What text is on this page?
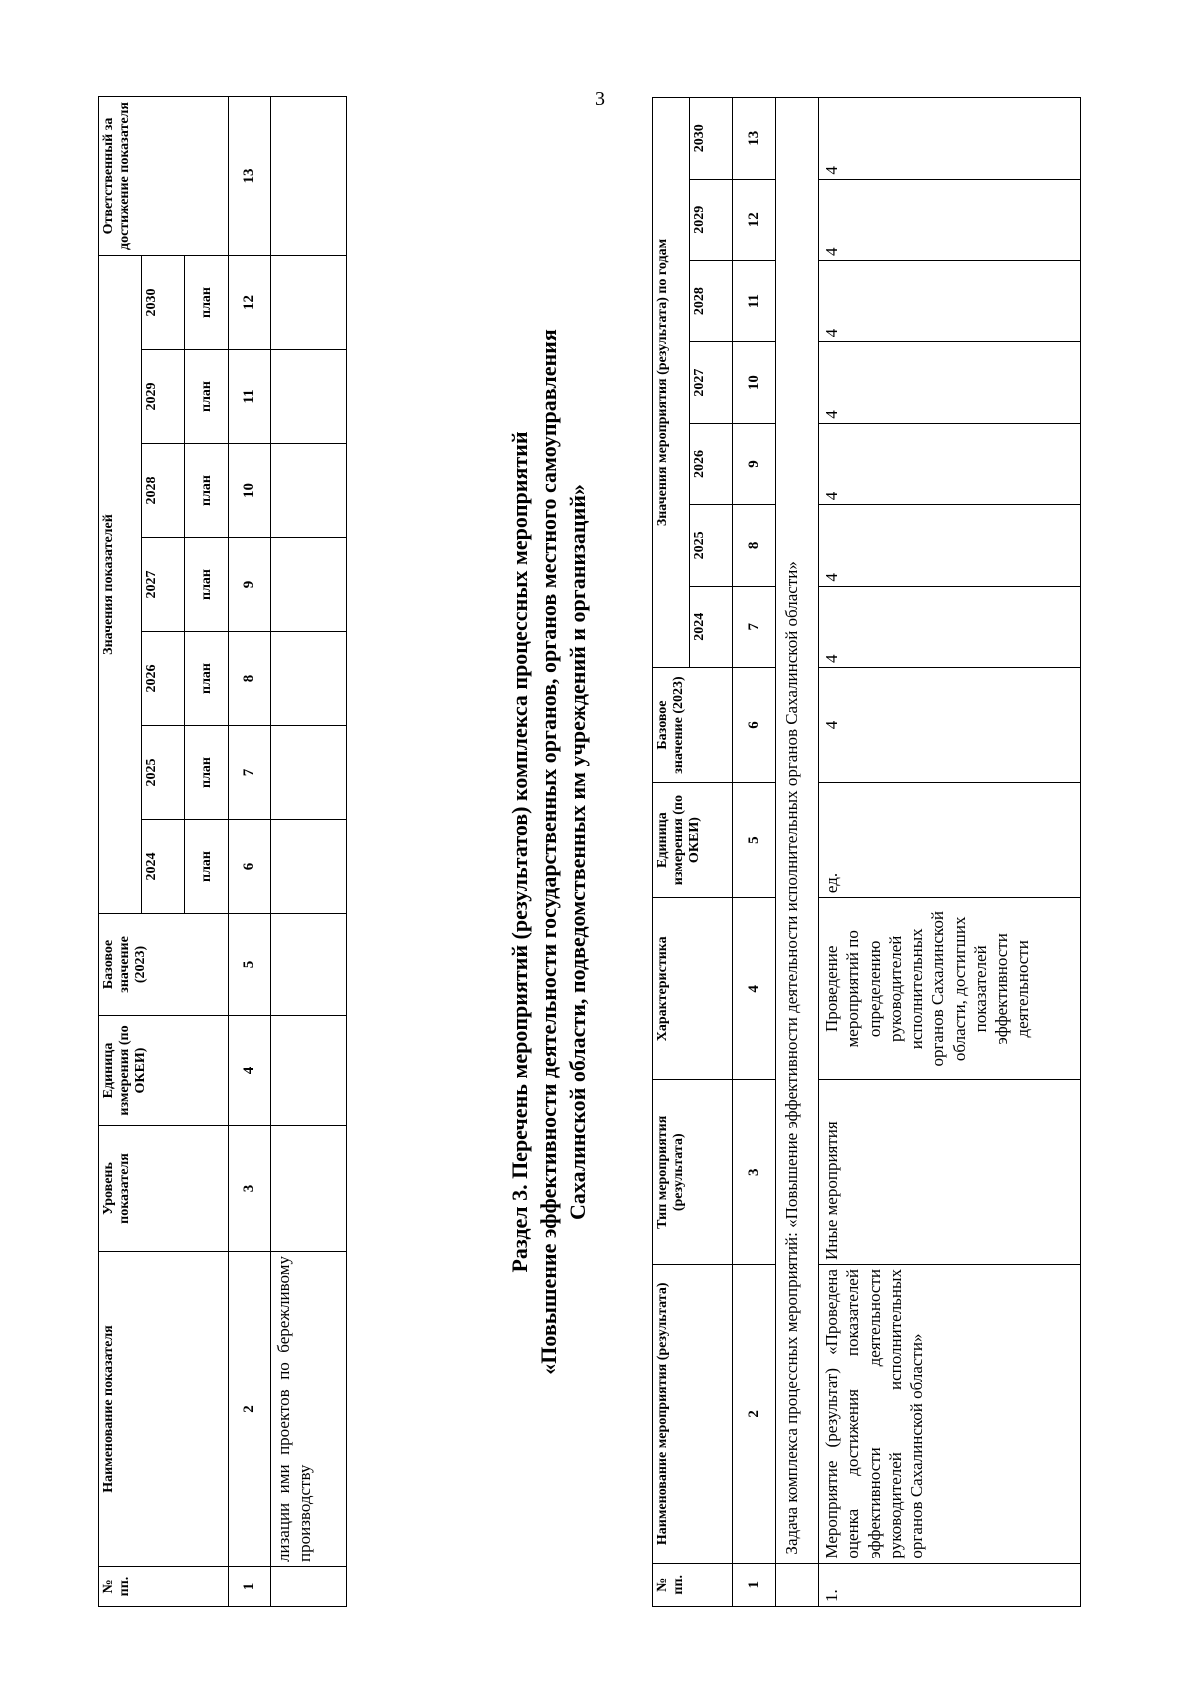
3
№ пп.	Наименование показателя	Уровень показателя	Единица измерения (по ОКЕИ)	Базовое значение (2023)	Значения показателей							Ответственный за достижение показателя
					2024	2025	2026	2027	2028	2029	2030	
					план	план	план	план	план	план	план	
1	2	3	4	5	6	7	8	9	10	11	12	13
	лизации ими проектов по бережливому производству											
Раздел 3. Перечень мероприятий (результатов) комплекса процессных мероприятий «Повышение эффективности деятельности государственных органов, органов местного самоуправления Сахалинской области, подведомственных им учреждений и организаций»
№ пп.	Наименование мероприятия (результата)	Тип мероприятия (результата)	Характеристика	Единица измерения (по ОКЕИ)	Базовое значение (2023)	Значения мероприятия (результата) по годам						
						2024	2025	2026	2027	2028	2029	2030
1	2	3	4	5	6	7	8	9	10	11	12	13
	Задача комплекса процессных мероприятий: «Повышение эффективности деятельности исполнительных органов Сахалинской области»											
1.	Мероприятие (результат) «Проведена оценка достижения показателей эффективности деятельности руководителей исполнительных органов Сахалинской области»	Иные мероприятия	Проведение мероприятий по определению руководителей исполнительных органов Сахалинской области, достигших показателей эффективности деятельности	ед.	4	4	4	4	4	4	4	4
